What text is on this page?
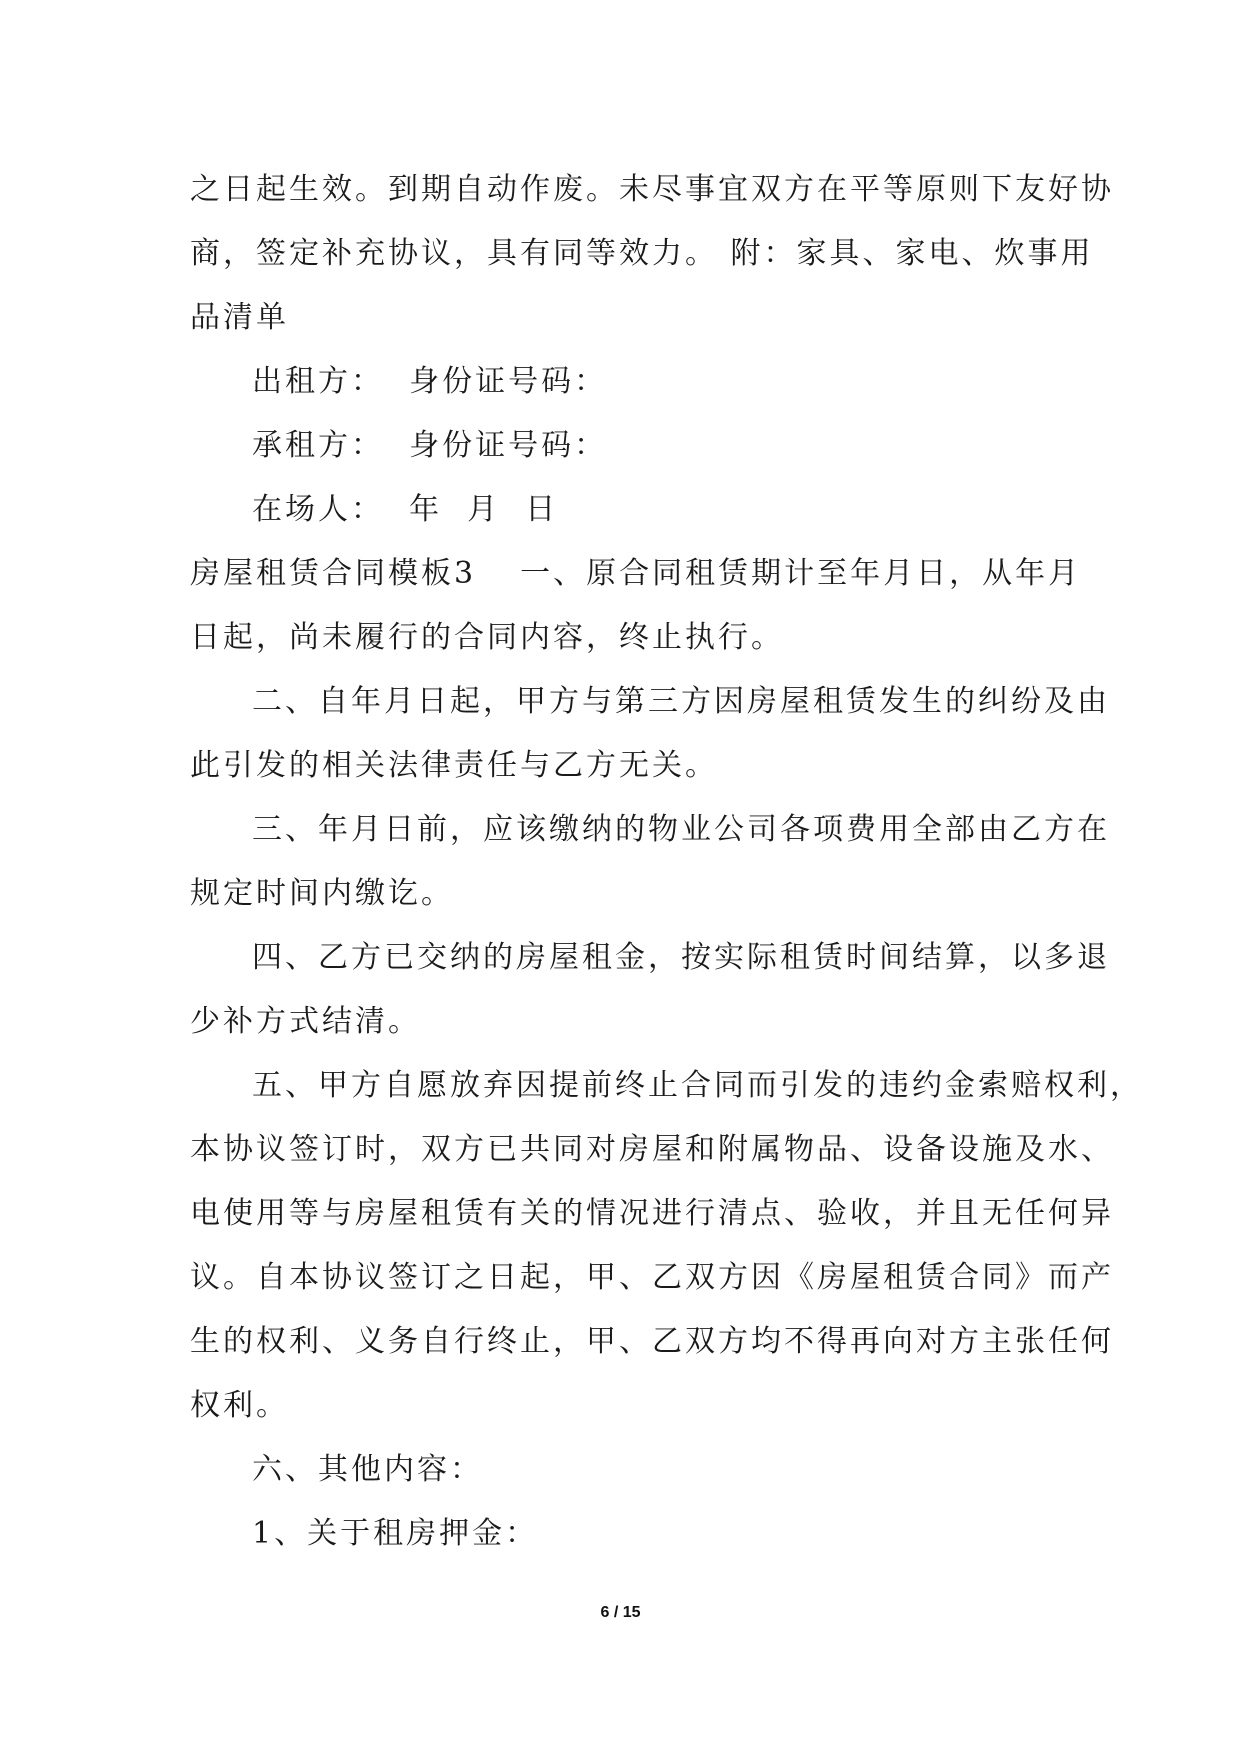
之日起生效。到期自动作废。未尽事宜双方在平等原则下友好协
商，签定补充协议，具有同等效力。 附：家具、家电、炊事用
品清单
出租方：  身份证号码：
承租方：  身份证号码：
在场人：  年  月  日
房屋租赁合同模板3 一、原合同租赁期计至年月日，从年月
日起，尚未履行的合同内容，终止执行。
二、自年月日起，甲方与第三方因房屋租赁发生的纠纷及由
此引发的相关法律责任与乙方无关。
三、年月日前，应该缴纳的物业公司各项费用全部由乙方在
规定时间内缴讫。
四、乙方已交纳的房屋租金，按实际租赁时间结算，以多退
少补方式结清。
五、甲方自愿放弃因提前终止合同而引发的违约金索赔权利，
本协议签订时，双方已共同对房屋和附属物品、设备设施及水、
电使用等与房屋租赁有关的情况进行清点、验收，并且无任何异
议。自本协议签订之日起，甲、乙双方因《房屋租赁合同》而产
生的权利、义务自行终止，甲、乙双方均不得再向对方主张任何
权利。
六、其他内容：
1、关于租房押金：
6 / 15
